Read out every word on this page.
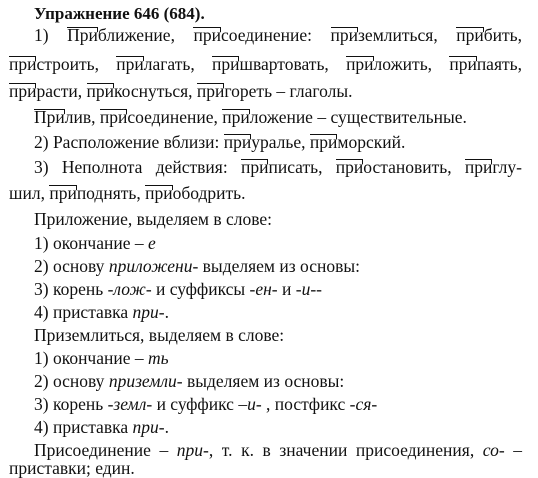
Упражнение 646 (684).
1) Приближение, присоединение: приземлиться, прибить,
пристроить, прилагать, пришвартовать, приложить, припаять,
прирасти, прикоснуться, пригореть – глаголы.
Прилив, присоединение, приложение – существительные.
2) Расположение вблизи: приуралье, приморский.
3) Неполнота действия: приписать, приостановить, приглу-
шил, приподнять, приободрить.
Приложение, выделяем в слове:
1) окончание – е
2) основу приложени- выделяем из основы:
3) корень -лож- и суффиксы -ен- и -и--
4) приставка при-.
Приземлиться, выделяем в слове:
1) окончание – ть
2) основу приземли- выделяем из основы:
3) корень -земл- и суффикс –и- , постфикс -ся-
4) приставка при-.
Присоединение – при-, т. к. в значении присоединения, со- –
приставки; един.
